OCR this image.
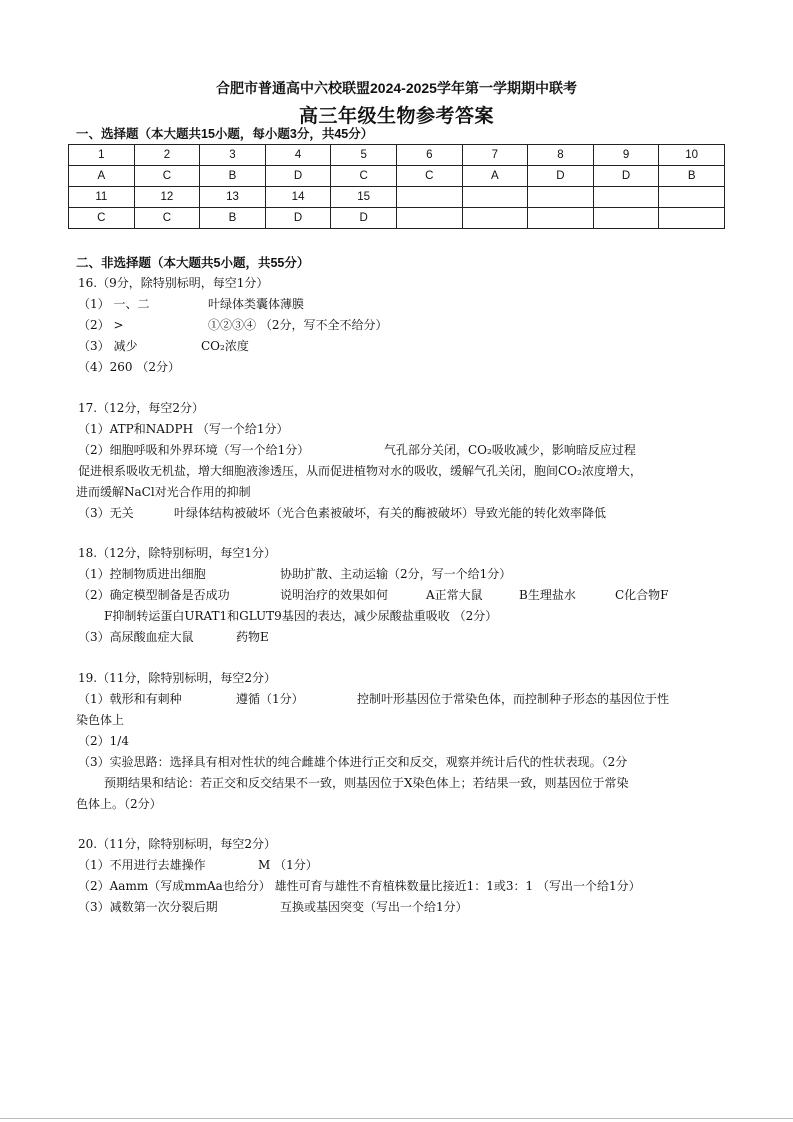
合肥市普通高中六校联盟2024-2025学年第一学期期中联考
高三年级生物参考答案
一、选择题（本大题共15小题，每小题3分，共45分）
1	2	3	4	5	6	7	8	9	10
A	C	B	D	C	C	A	D	D	B
11	12	13	14	15					
C	C	B	D	D					
二、非选择题（本大题共5小题，共55分）
16.（9分，除特别标明，每空1分）
（1） 一、二	叶绿体类囊体薄膜
（2） >	①②③④ （2分，写不全不给分）
（3） 减少	CO₂浓度
（4）260 （2分）
17.（12分，每空2分）
（1）ATP和NADPH （写一个给1分）
（2）细胞呼吸和外界环境（写一个给1分）	气孔部分关闭，CO₂吸收减少，影响暗反应过程
促进根系吸收无机盐，增大细胞液渗透压，从而促进植物对水的吸收，缓解气孔关闭，胞间CO₂浓度增大，
进而缓解NaCl对光合作用的抑制
（3）无关	叶绿体结构被破坏（光合色素被破坏，有关的酶被破坏）导致光能的转化效率降低
18.（12分，除特别标明，每空1分）
（1）控制物质进出细胞	协助扩散、主动运输（2分，写一个给1分）
（2）确定模型制备是否成功	说明治疗的效果如何	A正常大鼠	B生理盐水	C化合物F
F抑制转运蛋白URAT1和GLUT9基因的表达，减少尿酸盐重吸收 （2分）
（3）高尿酸血症大鼠	药物E
19.（11分，除特别标明，每空2分）
（1）戟形和有刺种	遵循（1分）	控制叶形基因位于常染色体，而控制种子形态的基因位于性
染色体上
（2）1/4
（3）实验思路：选择具有相对性状的纯合雌雄个体进行正交和反交，观察并统计后代的性状表现。（2分
预期结果和结论：若正交和反交结果不一致，则基因位于X染色体上；若结果一致，则基因位于常染
色体上。（2分）
20.（11分，除特别标明，每空2分）
（1）不用进行去雄操作	M （1分）
（2）Aamm（写成mmAa也给分） 雄性可育与雄性不育植株数量比接近1：1或3：1 （写出一个给1分）
（3）减数第一次分裂后期	互换或基因突变（写出一个给1分）
